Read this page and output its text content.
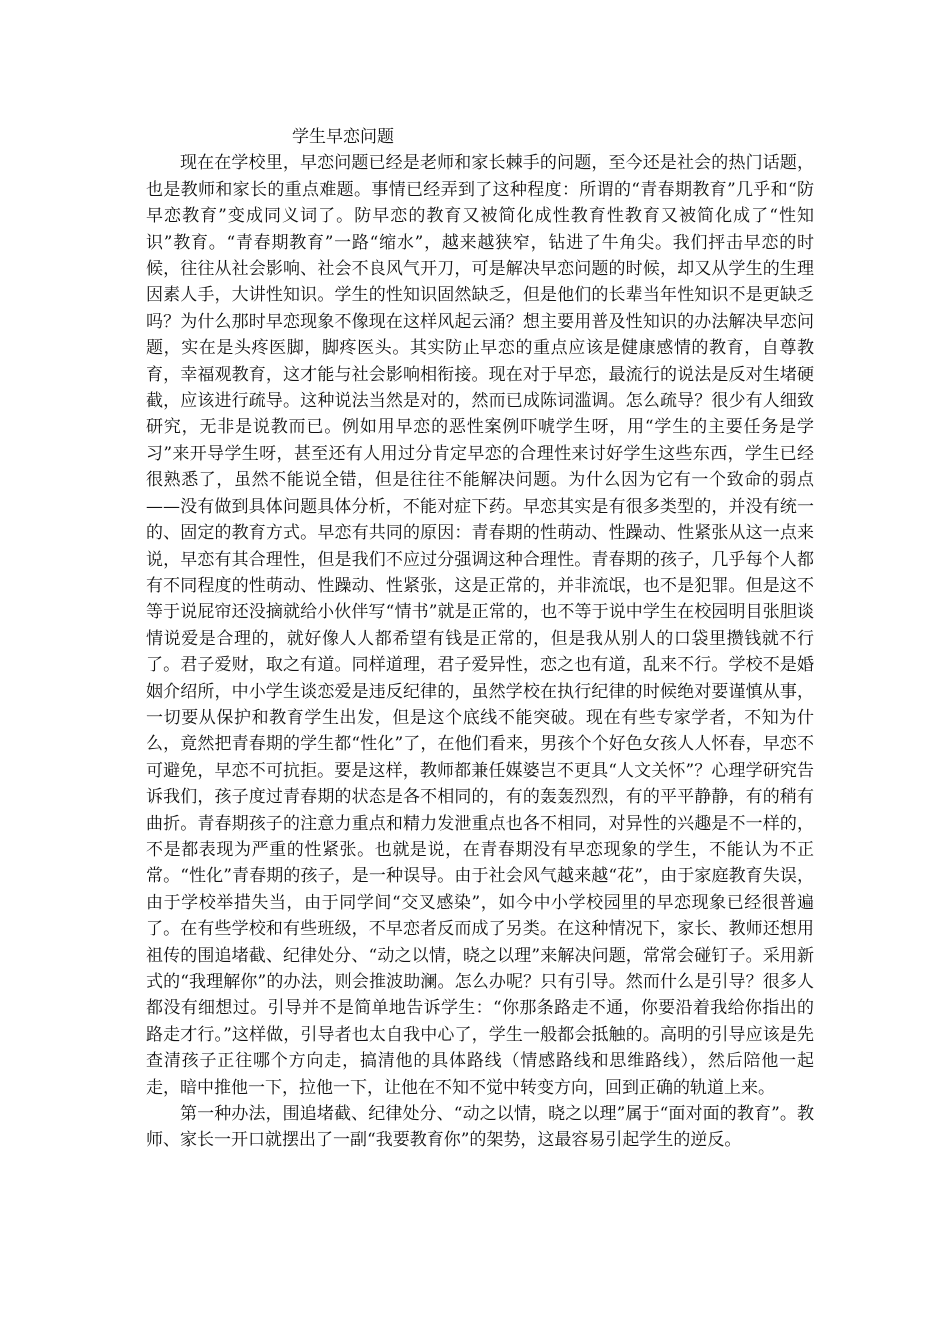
学生早恋问题

现在在学校里，早恋问题已经是老师和家长棘手的问题，至今还是社会的热门话题，也是教师和家长的重点难题。事情已经弄到了这种程度：所谓的“青春期教育”几乎和“防早恋教育”变成同义词了。防早恋的教育又被简化成性教育性教育又被简化成了“性知识”教育。“青春期教育”一路“缩水”，越来越狭窄，钻进了牛角尖。我们抨击早恋的时候，往往从社会影响、社会不良风气开刀，可是解决早恋问题的时候，却又从学生的生理因素人手，大讲性知识。学生的性知识固然缺乏，但是他们的长辈当年性知识不是更缺乏吗？为什么那时早恋现象不像现在这样风起云涌？想主要用普及性知识的办法解决早恋问题，实在是头疼医脚，脚疼医头。其实防止早恋的重点应该是健康感情的教育，自尊教育，幸福观教育，这才能与社会影响相衔接。现在对于早恋，最流行的说法是反对生堵硬截，应该进行疏导。这种说法当然是对的，然而已成陈词滥调。怎么疏导？很少有人细致研究，无非是说教而已。例如用早恋的恶性案例吓唬学生呀，用“学生的主要任务是学习”来开导学生呀，甚至还有人用过分肯定早恋的合理性来讨好学生这些东西，学生已经很熟悉了，虽然不能说全错，但是往往不能解决问题。为什么因为它有一个致命的弱点——没有做到具体问题具体分析，不能对症下药。早恋其实是有很多类型的，并没有统一的、固定的教育方式。早恋有共同的原因：青春期的性萌动、性躁动、性紧张从这一点来说，早恋有其合理性，但是我们不应过分强调这种合理性。青春期的孩子，几乎每个人都有不同程度的性萌动、性躁动、性紧张，这是正常的，并非流氓，也不是犯罪。但是这不等于说屁帘还没摘就给小伙伴写“情书”就是正常的，也不等于说中学生在校园明目张胆谈情说爱是合理的，就好像人人都希望有钱是正常的，但是我从别人的口袋里攒钱就不行了。君子爱财，取之有道。同样道理，君子爱异性，恋之也有道，乱来不行。学校不是婚姻介绍所，中小学生谈恋爱是违反纪律的，虽然学校在执行纪律的时候绝对要谨慎从事，一切要从保护和教育学生出发，但是这个底线不能突破。现在有些专家学者，不知为什么，竟然把青春期的学生都“性化”了，在他们看来，男孩个个好色女孩人人怀春，早恋不可避免，早恋不可抗拒。要是这样，教师都兼任媒婆岂不更具“人文关怀”？心理学研究告诉我们，孩子度过青春期的状态是各不相同的，有的轰轰烈烈，有的平平静静，有的稍有曲折。青春期孩子的注意力重点和精力发泄重点也各不相同，对异性的兴趣是不一样的，不是都表现为严重的性紧张。也就是说，在青春期没有早恋现象的学生，不能认为不正常。“性化”青春期的孩子，是一种误导。由于社会风气越来越“花”，由于家庭教育失误，由于学校举措失当，由于同学间“交叉感染”，如今中小学校园里的早恋现象已经很普遍了。在有些学校和有些班级，不早恋者反而成了另类。在这种情况下，家长、教师还想用祖传的围追堵截、纪律处分、“动之以情，晓之以理”来解决问题，常常会碰钉子。采用新式的“我理解你”的办法，则会推波助澜。怎么办呢？只有引导。然而什么是引导？很多人都没有细想过。引导并不是简单地告诉学生：“你那条路走不通，你要沿着我给你指出的路走才行。”这样做，引导者也太自我中心了，学生一般都会抵触的。高明的引导应该是先查清孩子正往哪个方向走，搞清他的具体路线（情感路线和思维路线），然后陪他一起走，暗中推他一下，拉他一下，让他在不知不觉中转变方向，回到正确的轨道上来。

第一种办法，围追堵截、纪律处分、“动之以情，晓之以理”属于“面对面的教育”。教师、家长一开口就摆出了一副“我要教育你”的架势，这最容易引起学生的逆反。
